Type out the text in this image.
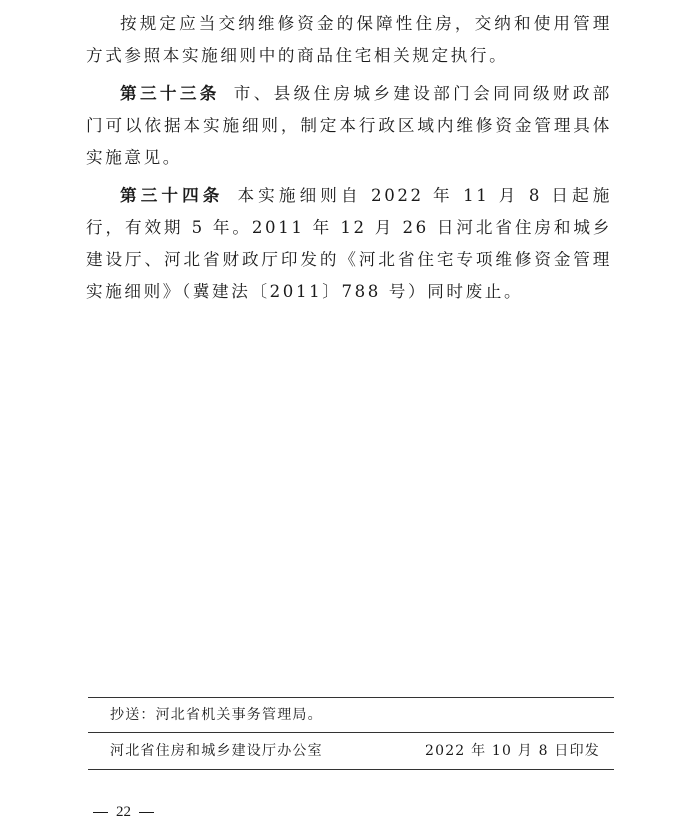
按规定应当交纳维修资金的保障性住房，交纳和使用管理方式参照本实施细则中的商品住宅相关规定执行。

第三十三条 市、县级住房城乡建设部门会同同级财政部门可以依据本实施细则，制定本行政区域内维修资金管理具体实施意见。

第三十四条 本实施细则自 2022 年 11 月 8 日起施行，有效期 5 年。2011 年 12 月 26 日河北省住房和城乡建设厅、河北省财政厅印发的《河北省住宅专项维修资金管理实施细则》（冀建法〔2011〕788 号）同时废止。

抄送：河北省机关事务管理局。
河北省住房和城乡建设厅办公室	2022 年 10 月 8 日印发
22
